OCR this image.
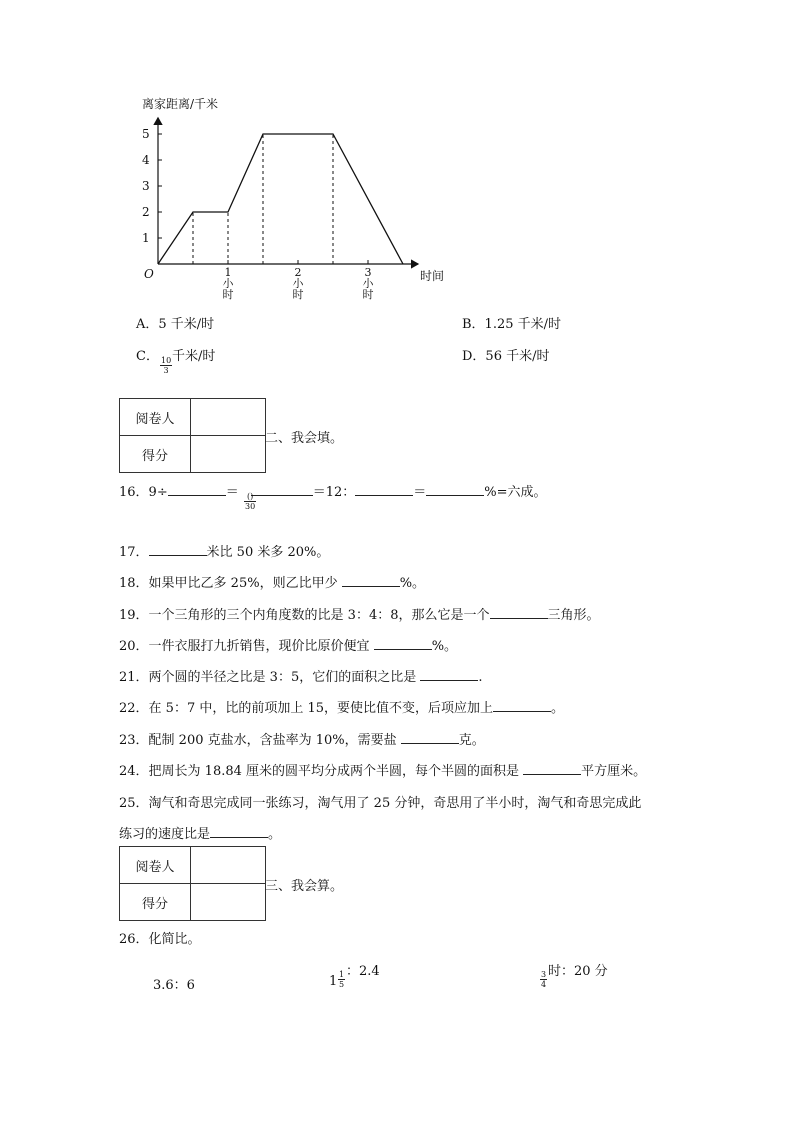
离家距离/千米
时间
O
1
2
3
4
5
1
小
时
2
小
时
3
小
时
A．5 千米/时	B．1.25 千米/时
C． $\frac{10}{3}$ 千米/时	D．56 千米/时
阅卷人	
得分	
二、我会填。
16．9÷	＝	＝12：	＝	%=六成。
$\frac{()}{30}$
17．	米比 50 米多 20%。
18．如果甲比乙多 25%，则乙比甲少	%。
19．一个三角形的三个内角度数的比是 3：4：8，那么它是一个	三角形。
20．一件衣服打九折销售，现价比原价便宜	%。
21．两个圆的半径之比是 3：5，它们的面积之比是	.
22．在 5：7 中，比的前项加上 15，要使比值不变，后项应加上	。
23．配制 200 克盐水，含盐率为 10%，需要盐	克。
24．把周长为 18.84 厘米的圆平均分成两个半圆，每个半圆的面积是	平方厘米。
25．淘气和奇思完成同一张练习，淘气用了 25 分钟，奇思用了半小时，淘气和奇思完成此
练习的速度比是	。
阅卷人	
得分	
三、我会算。
26．化简比。
3.6：6	$1 \frac{1}{5}$ ：2.4	$\frac{3}{4}$ 时：20 分
